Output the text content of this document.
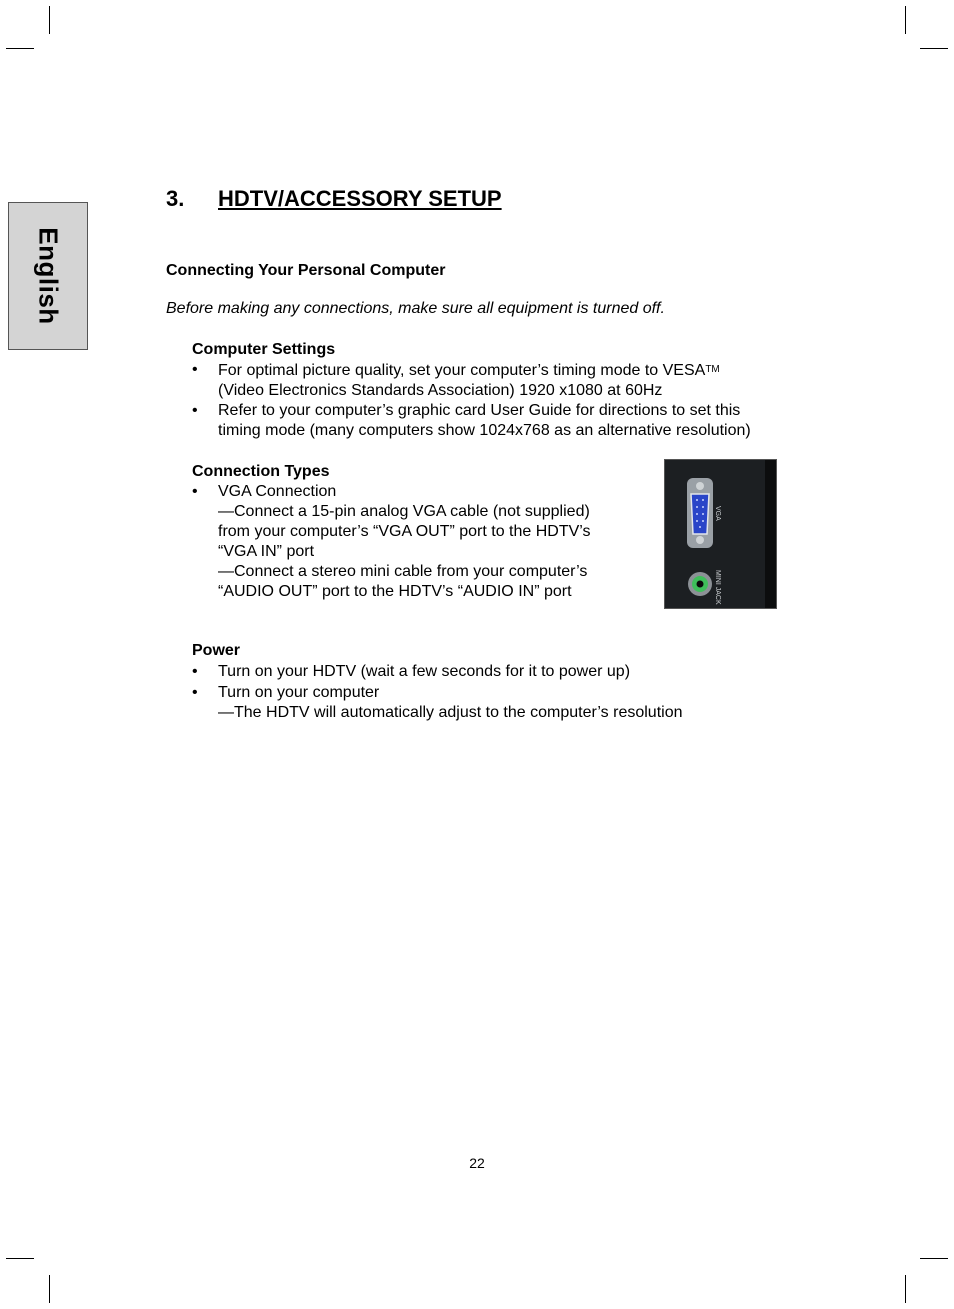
English
3. HDTV/ACCESSORY SETUP
Connecting Your Personal Computer
Before making any connections, make sure all equipment is turned off.
Computer Settings
• For optimal picture quality, set your computer’s timing mode to VESA™
(Video Electronics Standards Association) 1920 x1080 at 60Hz
• Refer to your computer’s graphic card User Guide for directions to set this
timing mode (many computers show 1024x768 as an alternative resolution)
Connection Types
• VGA Connection
—Connect a 15-pin analog VGA cable (not supplied)
from your computer’s “VGA OUT” port to the HDTV’s
“VGA IN” port
—Connect a stereo mini cable from your computer’s
“AUDIO OUT” port to the HDTV’s “AUDIO IN” port
VGA
MINI JACK
Power
• Turn on your HDTV (wait a few seconds for it to power up)
• Turn on your computer
—The HDTV will automatically adjust to the computer’s resolution
22
